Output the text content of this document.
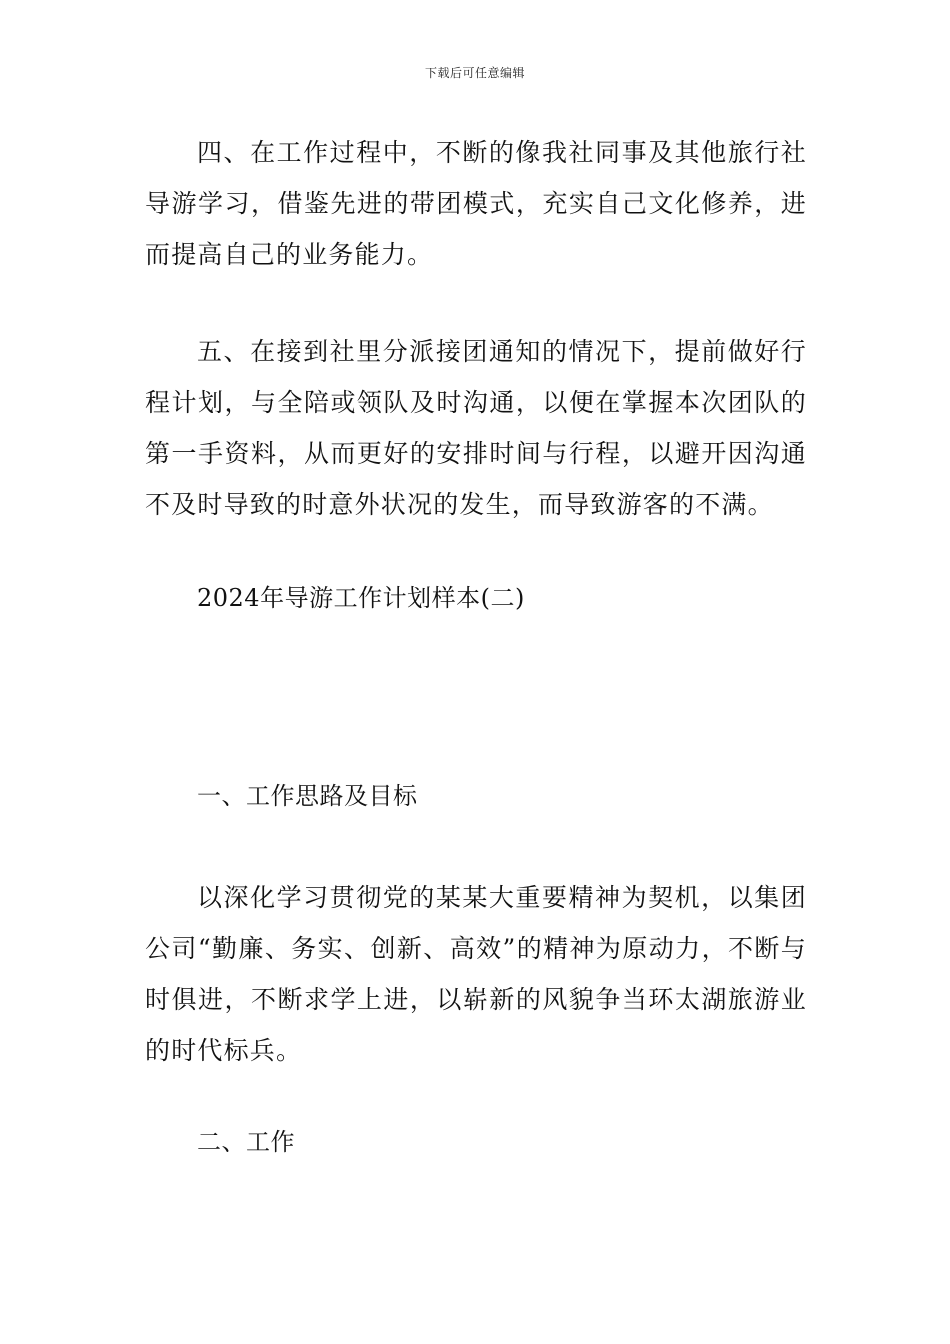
下载后可任意编辑

四、在工作过程中，不断的像我社同事及其他旅行社导游学习，借鉴先进的带团模式，充实自己文化修养，进而提高自己的业务能力。

五、在接到社里分派接团通知的情况下，提前做好行程计划，与全陪或领队及时沟通，以便在掌握本次团队的第一手资料，从而更好的安排时间与行程，以避开因沟通不及时导致的时意外状况的发生，而导致游客的不满。

2024年导游工作计划样本(二)

一、工作思路及目标

以深化学习贯彻党的某某大重要精神为契机，以集团公司“勤廉、务实、创新、高效”的精神为原动力，不断与时俱进，不断求学上进，以崭新的风貌争当环太湖旅游业的时代标兵。

二、工作
